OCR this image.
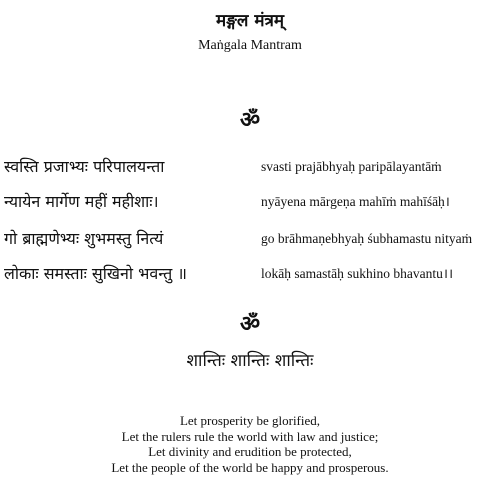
मङ्गल मंत्रम्
Maṅgala Mantram
ॐ
स्वस्ति प्रजाभ्यः परिपालयन्ता	svasti prajābhyaḥ paripālayantāṁ
न्यायेन मार्गेण महीं महीशाः।	nyāyena mārgeṇa mahīṁ mahīśāḥ।
गो ब्राह्मणेभ्यः शुभमस्तु नित्यं	go brāhmaṇebhyaḥ śubhamastu nityaṁ
लोकाः समस्ताः सुखिनो भवन्तु ॥	lokāḥ samastāḥ sukhino bhavantu।।
ॐ
शान्तिः शान्तिः शान्तिः
Let prosperity be glorified,
Let the rulers rule the world with law and justice;
Let divinity and erudition be protected,
Let the people of the world be happy and prosperous.
